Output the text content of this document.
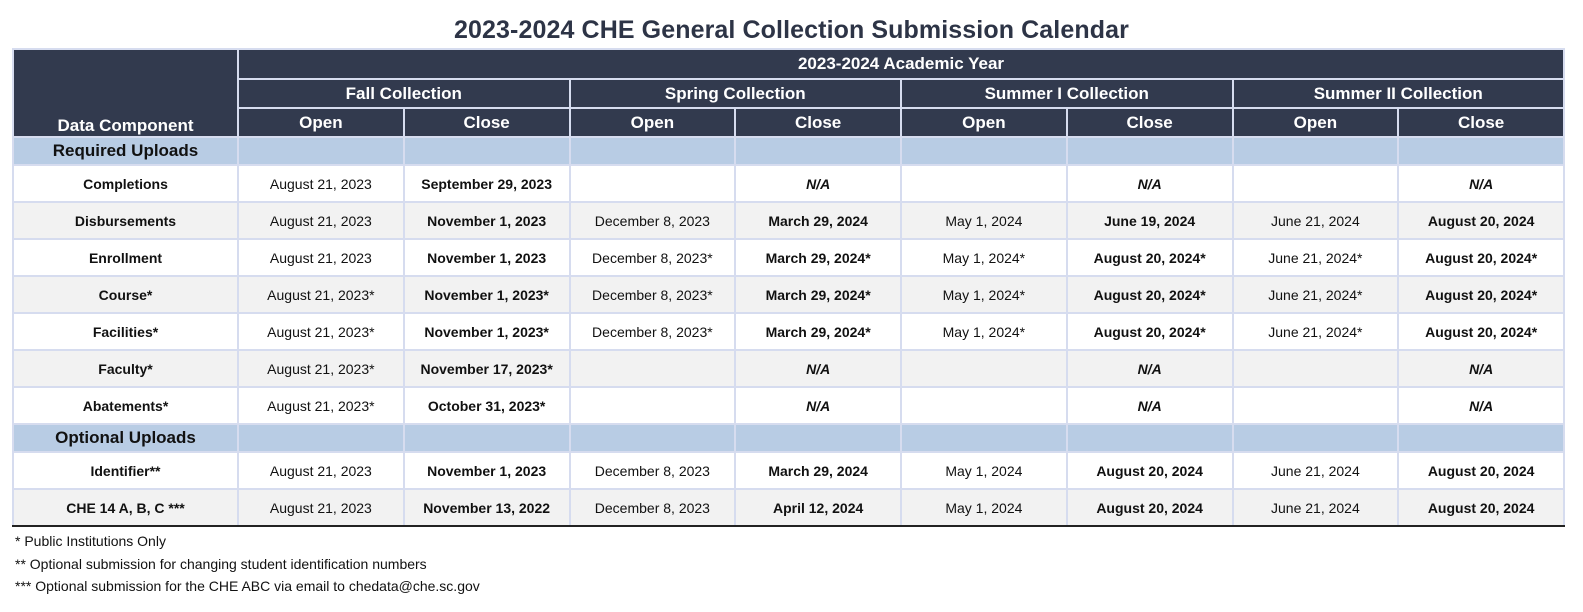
2023-2024 CHE General Collection Submission Calendar
Data Component	2023-2024 Academic Year							
	Fall Collection		Spring Collection		Summer I Collection		Summer II Collection	
	Open	Close	Open	Close	Open	Close	Open	Close
Required Uploads								
Completions	August 21, 2023	September 29, 2023		N/A		N/A		N/A
Disbursements	August 21, 2023	November 1, 2023	December 8, 2023	March 29, 2024	May 1, 2024	June 19, 2024	June 21, 2024	August 20, 2024
Enrollment	August 21, 2023	November 1, 2023	December 8, 2023*	March 29, 2024*	May 1, 2024*	August 20, 2024*	June 21, 2024*	August 20, 2024*
Course*	August 21, 2023*	November 1, 2023*	December 8, 2023*	March 29, 2024*	May 1, 2024*	August 20, 2024*	June 21, 2024*	August 20, 2024*
Facilities*	August 21, 2023*	November 1, 2023*	December 8, 2023*	March 29, 2024*	May 1, 2024*	August 20, 2024*	June 21, 2024*	August 20, 2024*
Faculty*	August 21, 2023*	November 17, 2023*		N/A		N/A		N/A
Abatements*	August 21, 2023*	October 31, 2023*		N/A		N/A		N/A
Optional Uploads								
Identifier**	August 21, 2023	November 1, 2023	December 8, 2023	March 29, 2024	May 1, 2024	August 20, 2024	June 21, 2024	August 20, 2024
CHE 14 A, B, C ***	August 21, 2023	November 13, 2022	December 8, 2023	April 12, 2024	May 1, 2024	August 20, 2024	June 21, 2024	August 20, 2024
* Public Institutions Only
** Optional submission for changing student identification numbers
*** Optional submission for the CHE ABC via email to chedata@che.sc.gov
